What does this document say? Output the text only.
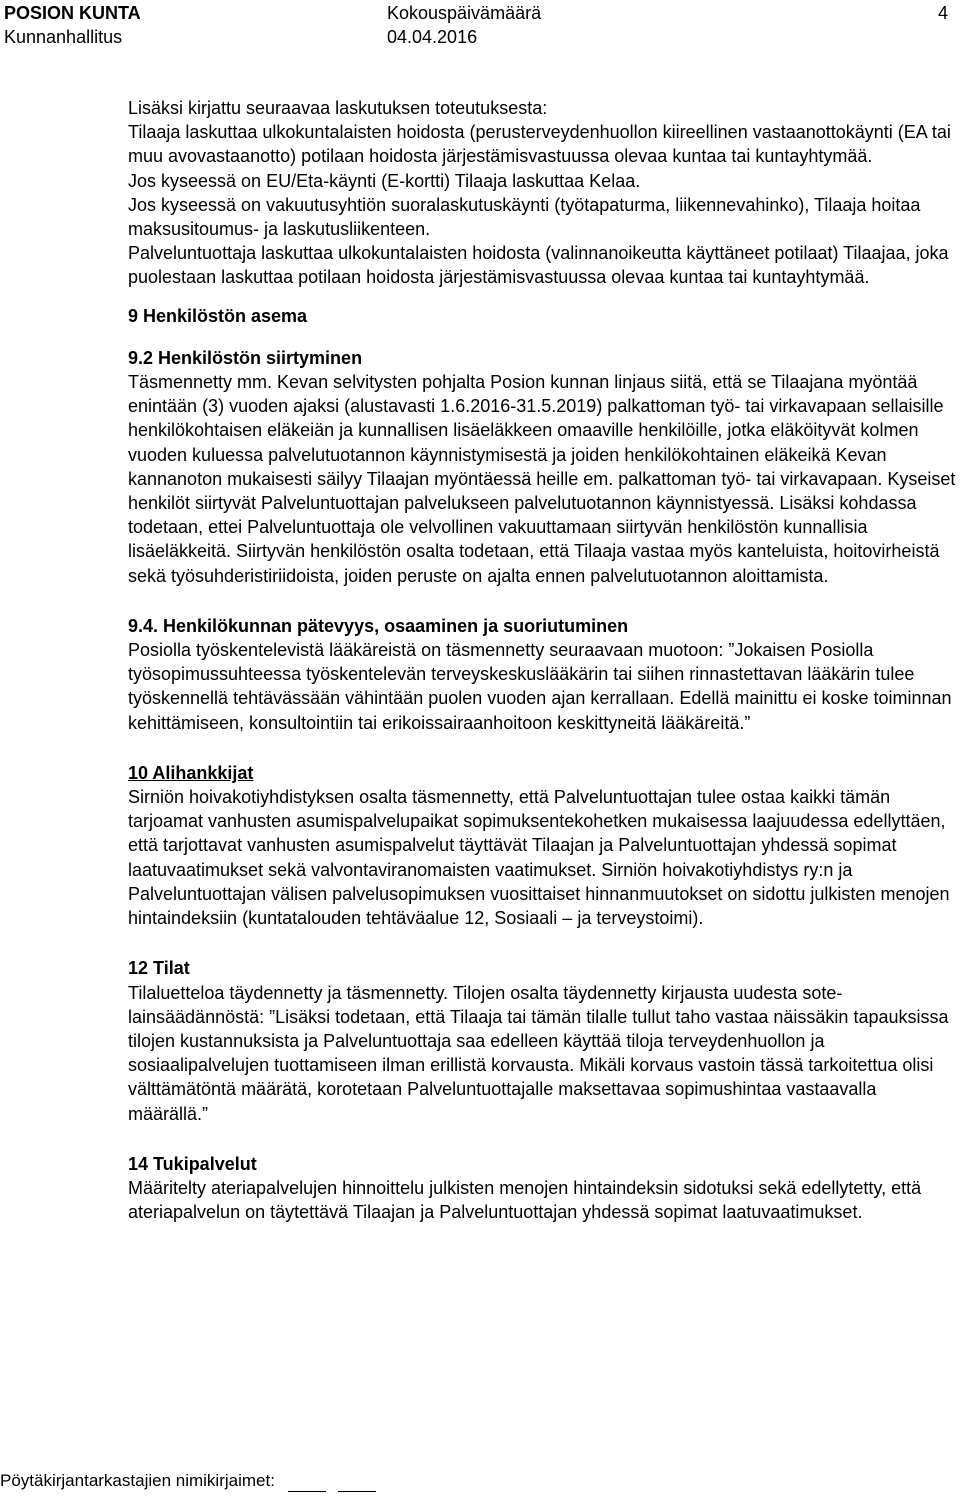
POSION KUNTA	Kokouspäivämäärä	4
Kunnanhallitus	04.04.2016

Lisäksi kirjattu seuraavaa laskutuksen toteutuksesta:

Tilaaja laskuttaa ulkokuntalaisten hoidosta (perusterveydenhuollon kiireellinen vastaanottokäynti (EA tai muu avovastaanotto) potilaan hoidosta järjestämisvastuussa olevaa kuntaa tai kuntayhtymää.

Jos kyseessä on EU/Eta-käynti (E-kortti) Tilaaja laskuttaa Kelaa.

Jos kyseessä on vakuutusyhtiön suoralaskutuskäynti (työtapaturma, liikennevahinko), Tilaaja hoitaa maksusitoumus- ja laskutusliikenteen.

Palveluntuottaja laskuttaa ulkokuntalaisten hoidosta (valinnanoikeutta käyttäneet potilaat) Tilaajaa, joka puolestaan laskuttaa potilaan hoidosta järjestämisvastuussa olevaa kuntaa tai kuntayhtymää.

9 Henkilöstön asema

9.2 Henkilöstön siirtyminen

Täsmennetty mm. Kevan selvitysten pohjalta Posion kunnan linjaus siitä, että se Tilaajana myöntää enintään (3) vuoden ajaksi (alustavasti 1.6.2016-31.5.2019) palkattoman työ- tai virkavapaan sellaisille henkilökohtaisen eläkeiän ja kunnallisen lisäeläkkeen omaaville henkilöille, jotka eläköityvät kolmen vuoden kuluessa palvelutuotannon käynnistymisestä ja joiden henkilökohtainen eläkeikä Kevan kannanoton mukaisesti säilyy Tilaajan myöntäessä heille em. palkattoman työ- tai virkavapaan. Kyseiset henkilöt siirtyvät Palveluntuottajan palvelukseen palvelutuotannon käynnistyessä. Lisäksi kohdassa todetaan, ettei Palveluntuottaja ole velvollinen vakuuttamaan siirtyvän henkilöstön kunnallisia lisäeläkkeitä. Siirtyvän henkilöstön osalta todetaan, että Tilaaja vastaa myös kanteluista, hoitovirheistä sekä työsuhderistiriidoista, joiden peruste on ajalta ennen palvelutuotannon aloittamista.

9.4. Henkilökunnan pätevyys, osaaminen ja suoriutuminen

Posiolla työskentelevistä lääkäreistä on täsmennetty seuraavaan muotoon: ”Jokaisen Posiolla työsopimussuhteessa työskentelevän terveyskeskuslääkärin tai siihen rinnastettavan lääkärin tulee työskennellä tehtävässään vähintään puolen vuoden ajan kerrallaan. Edellä mainittu ei koske toiminnan kehittämiseen, konsultointiin tai erikoissairaanhoitoon keskittyneitä lääkäreitä.”

10 Alihankkijat

Sirniön hoivakotiyhdistyksen osalta täsmennetty, että Palveluntuottajan tulee ostaa kaikki tämän tarjoamat vanhusten asumispalvelupaikat sopimuksentekohetken mukaisessa laajuudessa edellyttäen, että tarjottavat vanhusten asumispalvelut täyttävät Tilaajan ja Palveluntuottajan yhdessä sopimat laatuvaatimukset sekä valvontaviranomaisten vaatimukset. Sirniön hoivakotiyhdistys ry:n ja Palveluntuottajan välisen palvelusopimuksen vuosittaiset hinnanmuutokset on sidottu julkisten menojen hintaindeksiin (kuntatalouden tehtäväalue 12, Sosiaali – ja terveystoimi).

12 Tilat

Tilaluetteloa täydennetty ja täsmennetty. Tilojen osalta täydennetty kirjausta uudesta sote-lainsäädännöstä: ”Lisäksi todetaan, että Tilaaja tai tämän tilalle tullut taho vastaa näissäkin tapauksissa tilojen kustannuksista ja Palveluntuottaja saa edelleen käyttää tiloja terveydenhuollon ja sosiaalipalvelujen tuottamiseen ilman erillistä korvausta. Mikäli korvaus vastoin tässä tarkoitettua olisi välttämätöntä määrätä, korotetaan Palveluntuottajalle maksettavaa sopimushintaa vastaavalla määrällä.”

14 Tukipalvelut

Määritelty ateriapalvelujen hinnoittelu julkisten menojen hintaindeksin sidotuksi sekä edellytetty, että ateriapalvelun on täytettävä Tilaajan ja Palveluntuottajan yhdessä sopimat laatuvaatimukset.

Pöytäkirjantarkastajien nimikirjaimet:
